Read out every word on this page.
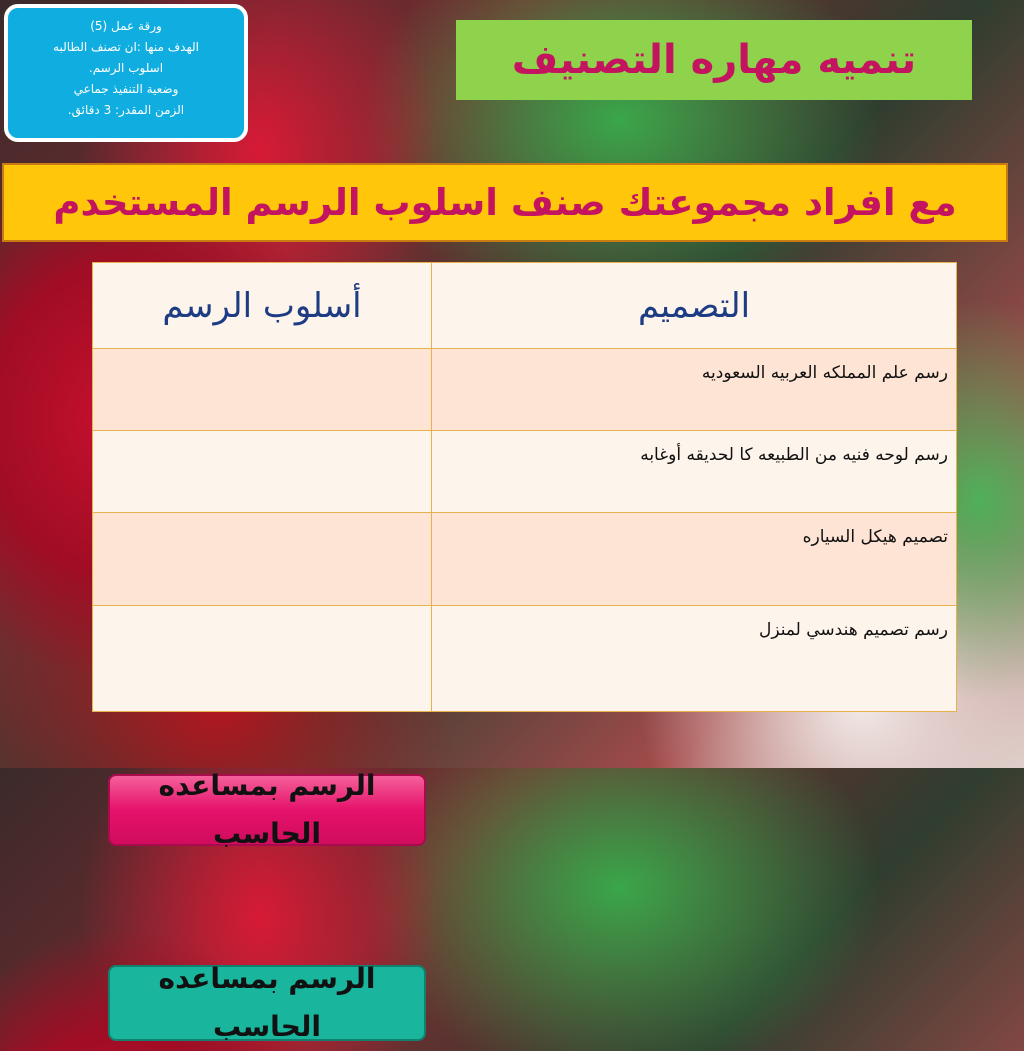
ورقة عمل (5)
الهدف منها :ان تصنف الطالبه
اسلوب الرسم.
وضعية التنفيذ جماعي
الزمن المقدر: 3 دقائق.
تنميه مهاره التصنيف
مع افراد مجموعتك صنف اسلوب الرسم المستخدم
التصميم
أسلوب الرسم
رسم علم المملكه العربيه السعوديه
رسم لوحه فنيه من الطبيعه كا لحديقه أوغابه
تصميم هيكل السياره
الرسم بمساعده الحاسب
رسم تصميم هندسي لمنزل
الرسم بمساعده الحاسب
